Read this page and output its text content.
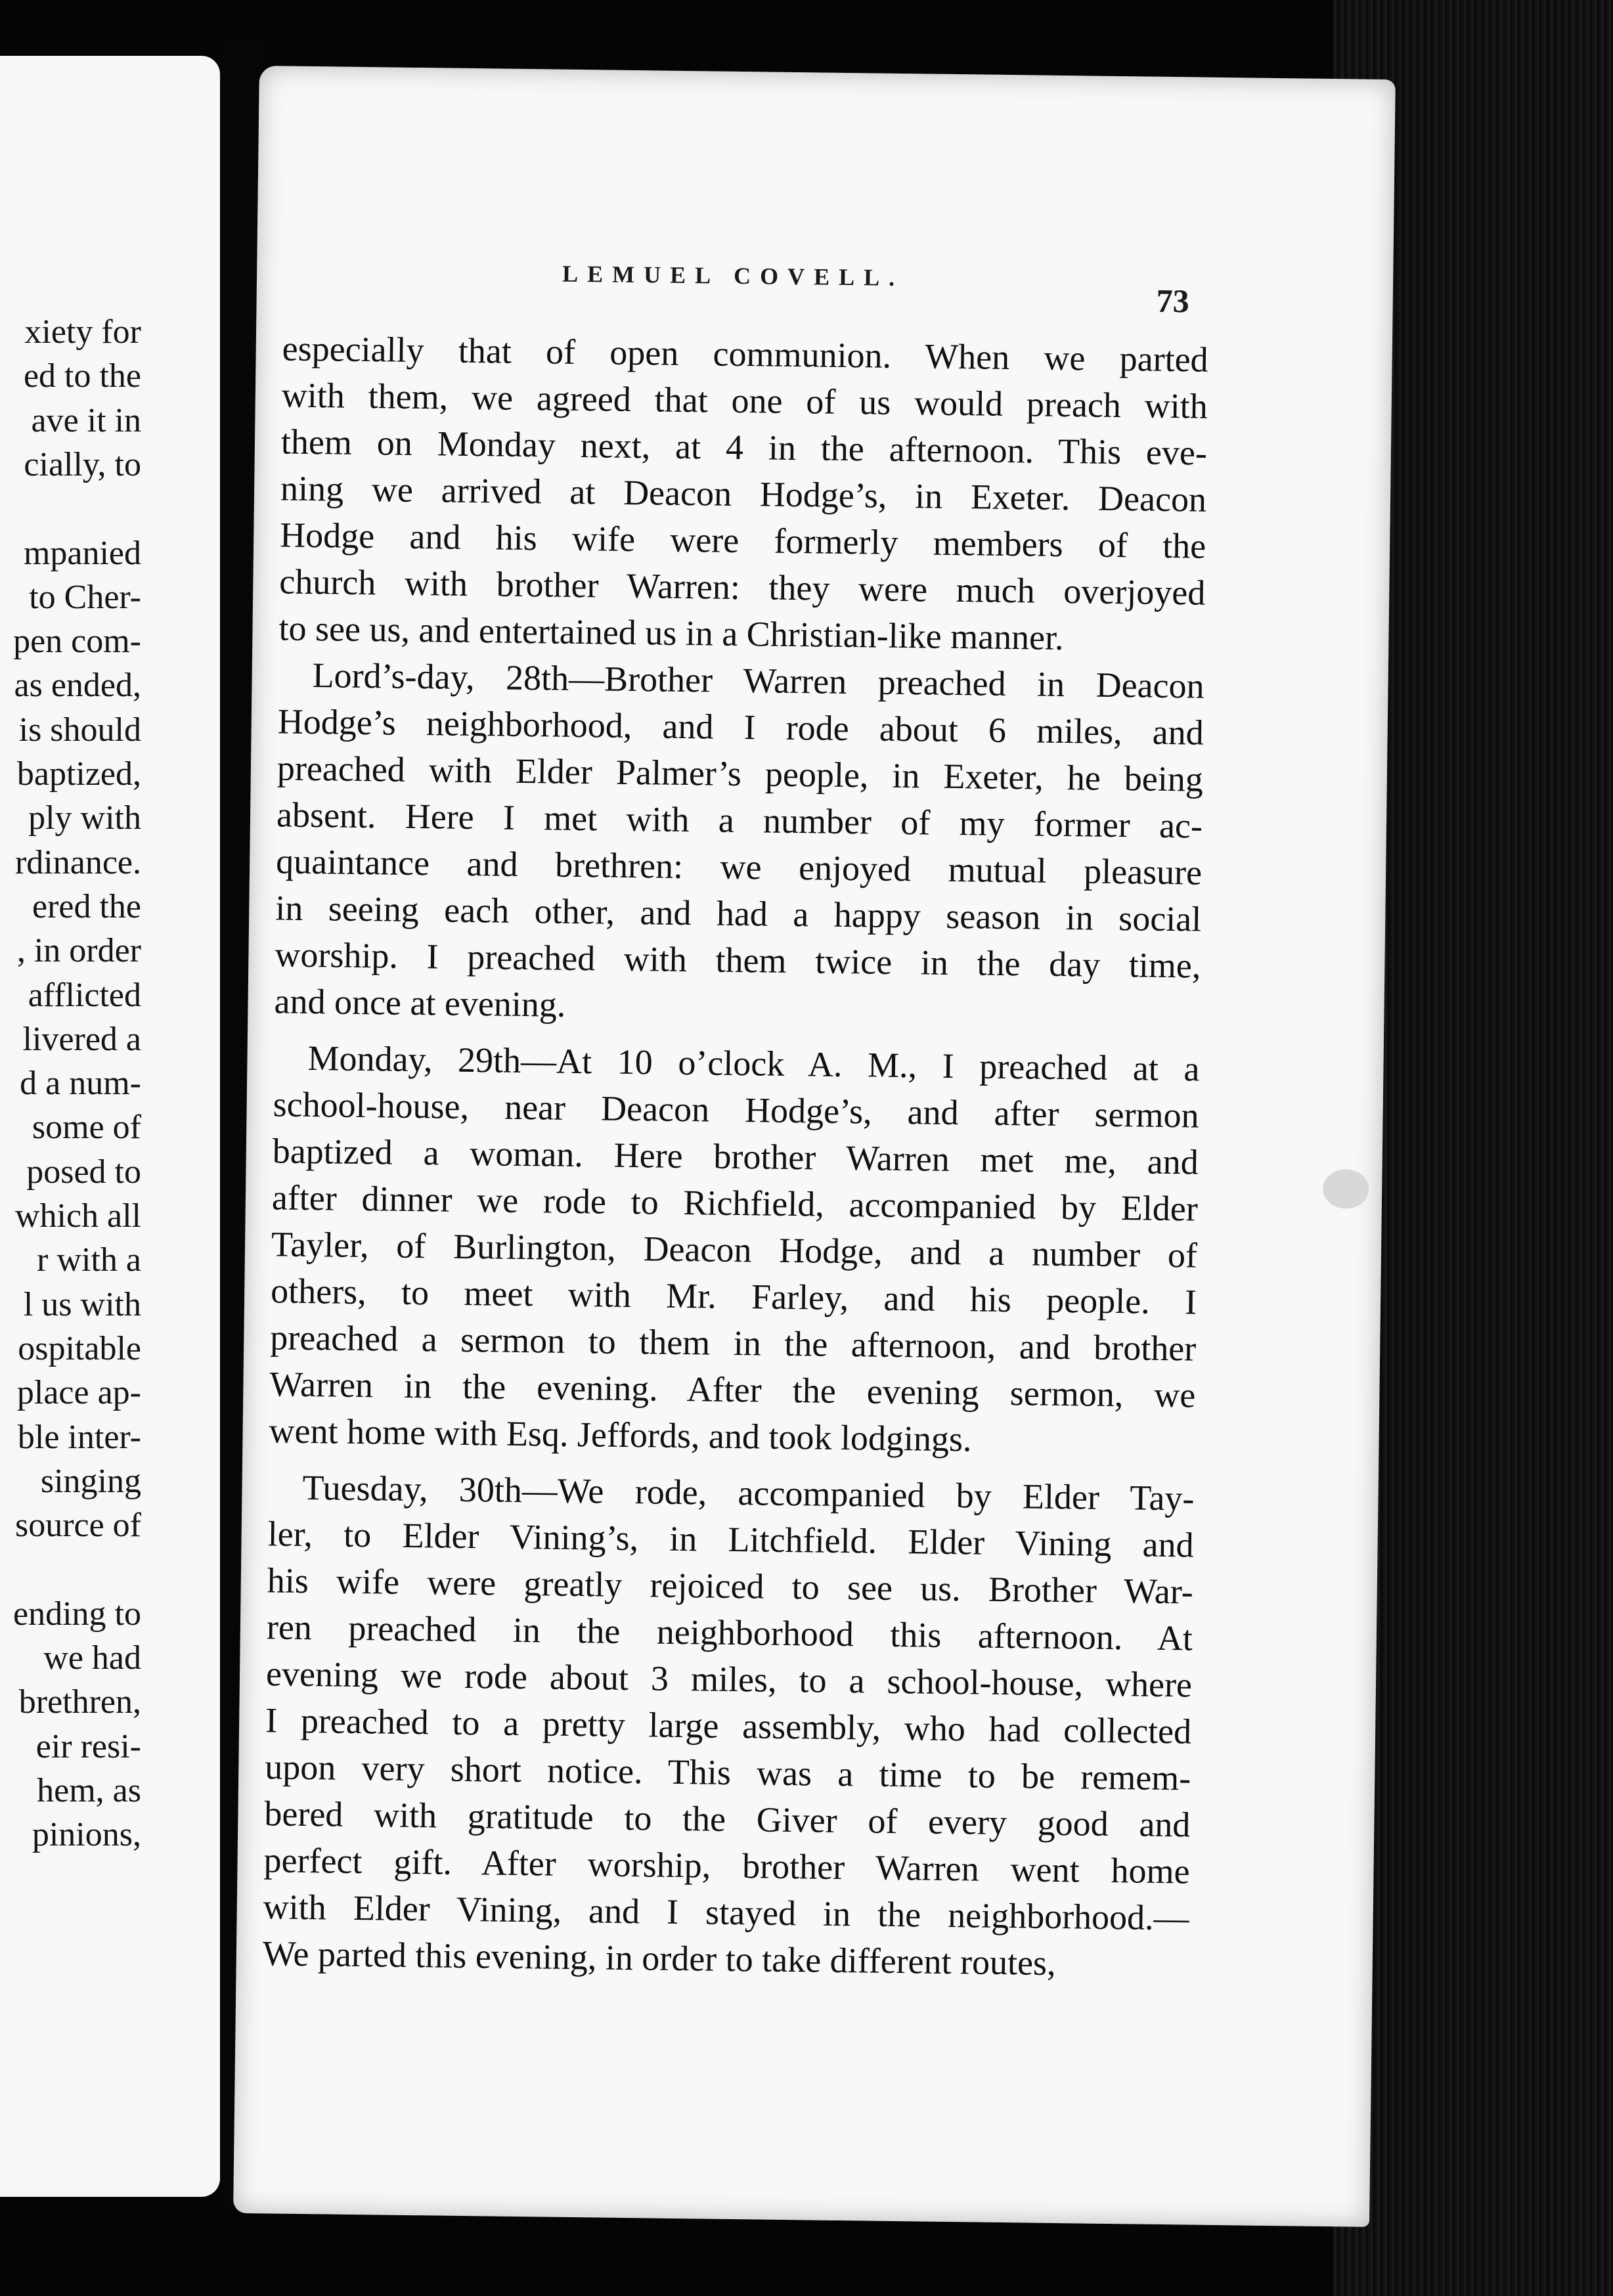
xiety for
ed to the
ave it in
cially, to
mpanied
to Cher-
pen com-
as ended,
is should
baptized,
ply with
rdinance.
ered the
, in order
afflicted
livered a
d a num-
some of
posed to
which all
r with a
l us with
ospitable
place ap-
ble inter-
singing
source of
ending to
we had
brethren,
eir resi-
hem, as
pinions,
LEMUEL COVELL.
73
especially that of open communion. When we parted
with them, we agreed that one of us would preach with
them on Monday next, at 4 in the afternoon. This eve-
ning we arrived at Deacon Hodge’s, in Exeter. Deacon
Hodge and his wife were formerly members of the
church with brother Warren: they were much overjoyed
to see us, and entertained us in a Christian-like manner.
Lord’s-day, 28th—Brother Warren preached in Deacon
Hodge’s neighborhood, and I rode about 6 miles, and
preached with Elder Palmer’s people, in Exeter, he being
absent. Here I met with a number of my former ac-
quaintance and brethren: we enjoyed mutual pleasure
in seeing each other, and had a happy season in social
worship. I preached with them twice in the day time,
and once at evening.
Monday, 29th—At 10 o’clock A. M., I preached at a
school-house, near Deacon Hodge’s, and after sermon
baptized a woman. Here brother Warren met me, and
after dinner we rode to Richfield, accompanied by Elder
Tayler, of Burlington, Deacon Hodge, and a number of
others, to meet with Mr. Farley, and his people. I
preached a sermon to them in the afternoon, and brother
Warren in the evening. After the evening sermon, we
went home with Esq. Jeffords, and took lodgings.
Tuesday, 30th—We rode, accompanied by Elder Tay-
ler, to Elder Vining’s, in Litchfield. Elder Vining and
his wife were greatly rejoiced to see us. Brother War-
ren preached in the neighborhood this afternoon. At
evening we rode about 3 miles, to a school-house, where
I preached to a pretty large assembly, who had collected
upon very short notice. This was a time to be remem-
bered with gratitude to the Giver of every good and
perfect gift. After worship, brother Warren went home
with Elder Vining, and I stayed in the neighborhood.—
We parted this evening, in order to take different routes,
